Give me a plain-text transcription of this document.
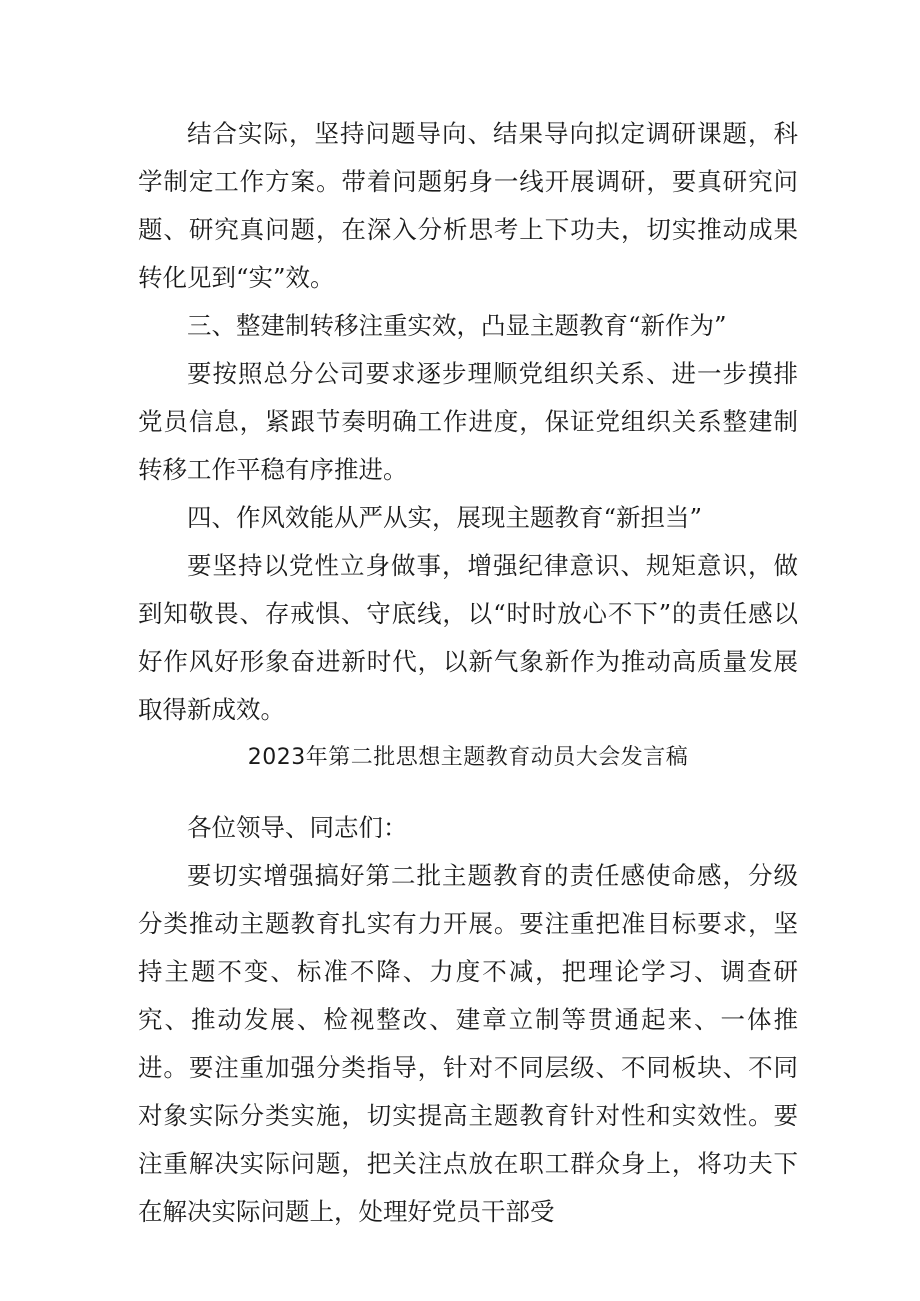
结合实际，坚持问题导向、结果导向拟定调研课题，科学制定工作方案。带着问题躬身一线开展调研，要真研究问题、研究真问题，在深入分析思考上下功夫，切实推动成果转化见到“实”效。

三、整建制转移注重实效，凸显主题教育“新作为”

要按照总分公司要求逐步理顺党组织关系、进一步摸排党员信息，紧跟节奏明确工作进度，保证党组织关系整建制转移工作平稳有序推进。

四、作风效能从严从实，展现主题教育“新担当”

要坚持以党性立身做事，增强纪律意识、规矩意识，做到知敬畏、存戒惧、守底线，以“时时放心不下”的责任感以好作风好形象奋进新时代，以新气象新作为推动高质量发展取得新成效。

2023年第二批思想主题教育动员大会发言稿

各位领导、同志们：

要切实增强搞好第二批主题教育的责任感使命感，分级分类推动主题教育扎实有力开展。要注重把准目标要求，坚持主题不变、标准不降、力度不减，把理论学习、调查研究、推动发展、检视整改、建章立制等贯通起来、一体推进。要注重加强分类指导，针对不同层级、不同板块、不同对象实际分类实施，切实提高主题教育针对性和实效性。要注重解决实际问题，把关注点放在职工群众身上，将功夫下在解决实际问题上，处理好党员干部受
